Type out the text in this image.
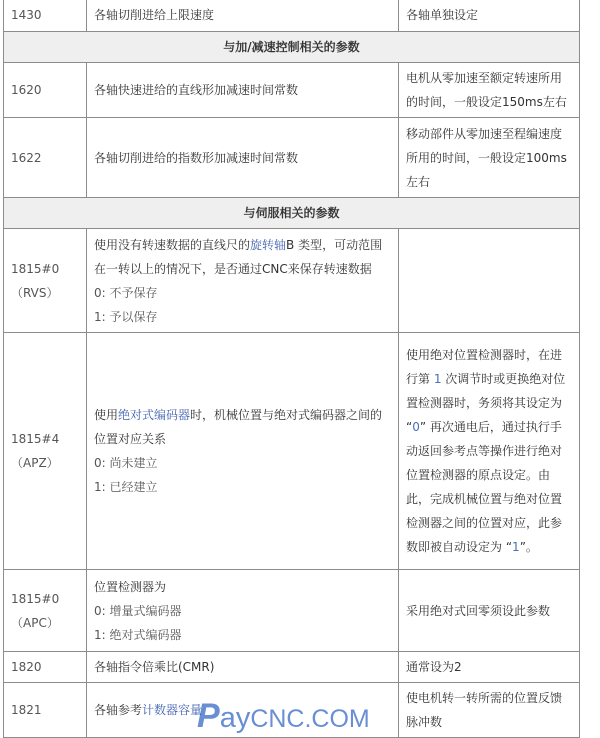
1430	各轴切削进给上限速度	各轴单独设定
与加/减速控制相关的参数		
1620	各轴快速进给的直线形加减速时间常数	电机从零加速至额定转速所用
的时间，一般设定150ms左右

1622	各轴切削进给的指数形加减速时间常数	移动部件从零加速至程编速度
所用的时间，一般设定100ms
左右

与伺服相关的参数		
1815#0（RVS）	使用没有转速数据的直线尺的旋转轴B 类型，可动范围在一转以上的情况下，是否通过CNC来保存转速数据
0: 不予保存
1: 予以保存	

1815#4（APZ）	使用绝对式编码器时，机械位置与绝对式编码器之间的位置对应关系
0: 尚未建立
1: 已经建立	使用绝对位置检测器时，在进行第 1 次调节时或更换绝对位置检测器时，务须将其设定为 “0” 再次通电后，通过执行手动返回参考点等操作进行绝对位置检测器的原点设定。由此，完成机械位置与绝对位置检测器之间的位置对应，此参数即被自动设定为 “1”。
1815#0（APC）	位置检测器为
0: 增量式编码器
1: 绝对式编码器	采用绝对式回零须设此参数
1820	各轴指令倍乘比(CMR)	通常设为2
1821	各轴参考计数器容量	使电机转一转所需的位置反馈
脉冲数
PayCNC.COM
